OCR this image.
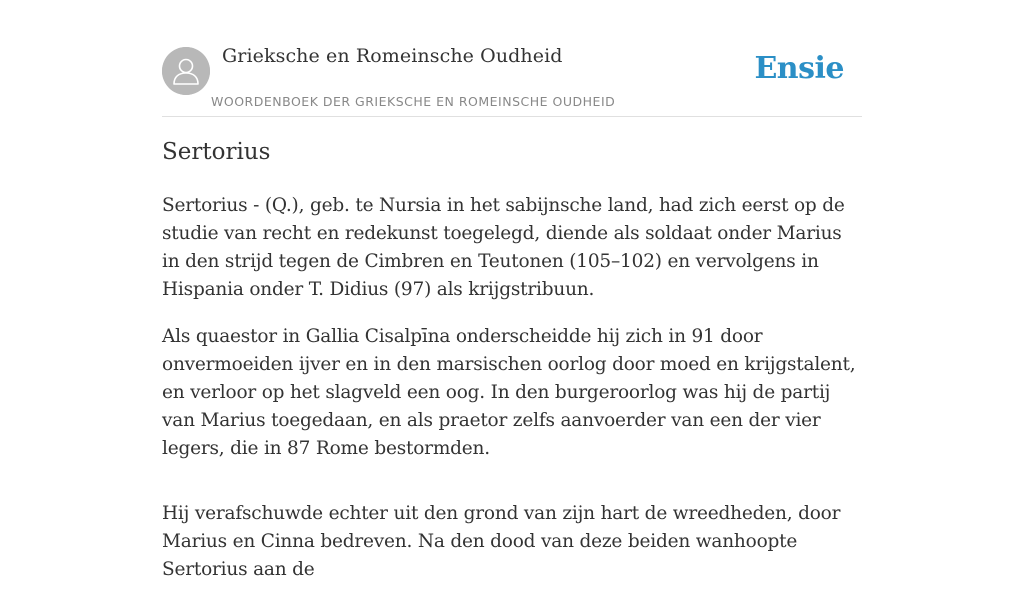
Grieksche en Romeinsche Oudheid
WOORDENBOEK DER GRIEKSCHE EN ROMEINSCHE OUDHEID
Ensie
Sertorius

Sertorius - (Q.), geb. te Nursia in het sabijnsche land, had zich eerst op de studie van recht en redekunst toegelegd, diende als soldaat onder Marius in den strijd tegen de Cimbren en Teutonen (105–102) en vervolgens in Hispania onder T. Didius (97) als krijgstribuun.

Als quaestor in Gallia Cisalpīna onderscheidde hij zich in 91 door onvermoeiden ijver en in den marsischen oorlog door moed en krijgstalent, en verloor op het slagveld een oog. In den burgeroorlog was hij de partij van Marius toegedaan, en als praetor zelfs aanvoerder van een der vier legers, die in 87 Rome bestormden.

Hij verafschuwde echter uit den grond van zijn hart de wreedheden, door Marius en Cinna bedreven. Na den dood van deze beiden wanhoopte Sertorius aan de
